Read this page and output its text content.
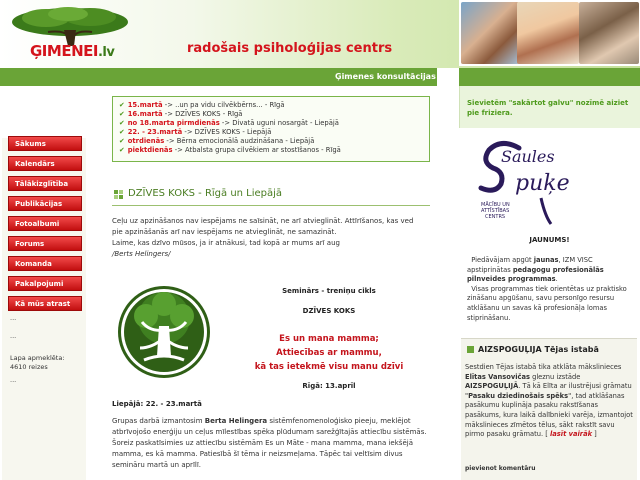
ĢIMENEI.lv	radošais psiholoģijas centrs
Ģimenes konsultācijas
Sākums
Kalendārs
Tālākizglītība
Publikācijas
Fotoalbumi
Forums
Komanda
Pakalpojumi
Kā mūs atrast
...
...
Lapa apmeklēta:
4610 reizes
...
✔ 15.martā -> ..un pa vidu cilvēkbērns... - Rīgā
✔ 16.martā -> DZĪVES KOKS - Rīgā
✔ no 18.marta pirmdienās -> Divatā uguni nosargāt - Liepājā
✔ 22. - 23.martā -> DZĪVES KOKS - Liepājā
✔ otrdienās -> Bērna emocionālā audzināšana - Liepājā
✔ piektdienās -> Atbalsta grupa cilvēkiem ar stostīšanos - Rīgā
DZĪVES KOKS - Rīgā un Liepājā
Ceļu uz apzināšanos nav iespējams ne saīsināt, ne arī atvieglināt. Attīrīšanos, kas ved
pie apzināšanās arī nav iespējams ne atvieglināt, ne samazināt.
Laime, kas dzīvo mūsos, ja ir atnākusi, tad kopā ar mums arī aug
/Berts Helingers/
Seminārs - treniņu cikls
DZĪVES KOKS
Es un mana mamma;
Attiecības ar mammu,
kā tas ietekmē visu manu dzīvi
Rīgā: 13.aprīl
Liepājā: 22. - 23.martā
Grupas darbā izmantosim Berta Helingera sistēmfenomenoloģisko pieeju, meklējot atbrīvojošo enerģiju un ceļus mīlestības spēka plūdumam sarežģītajās attiecību sistēmās. Šoreiz paskatīsimies uz attiecību sistēmām Es un Māte - mana mamma, mana iekšējā mamma, es kā mamma. Patiesībā šī tēma ir neizsmeļama. Tāpēc tai veltīsim divus semināru martā un aprīlī.
Sievietēm "sakārtot galvu" nozīmē aiziet pie friziera.
Saules
puķe
MĀCĪBU UN
ATTĪSTĪBAS
CENTRS
JAUNUMS!
Piedāvājam apgūt jaunas, IZM VISC apstiprinātas pedagogu profesionālās pilnveides programmas.
Visas programmas tiek orientētas uz praktisko zināšanu apgūšanu, savu personīgo resursu atklāšanu un savas kā profesionāļa lomas stiprināšanu.
AIZSPOGUĻIJA Tējas istabā
Sestdien Tējas istabā tika atklāta mākslinieces Elītas Vansovičas gleznu izstāde AIZSPOGUĻIJĀ. Tā kā Elīta ar ilustrējusi grāmatu "Pasaku dziedinošais spēks", tad atklāšanas pasākumu kuplināja pasaku rakstīšanas pasākums, kura laikā dalībnieki varēja, izmantojot mākslinieces zīmētos tēlus, sākt rakstīt savu pirmo pasaku grāmatu. [ lasīt vairāk ]
pievienot komentāru
